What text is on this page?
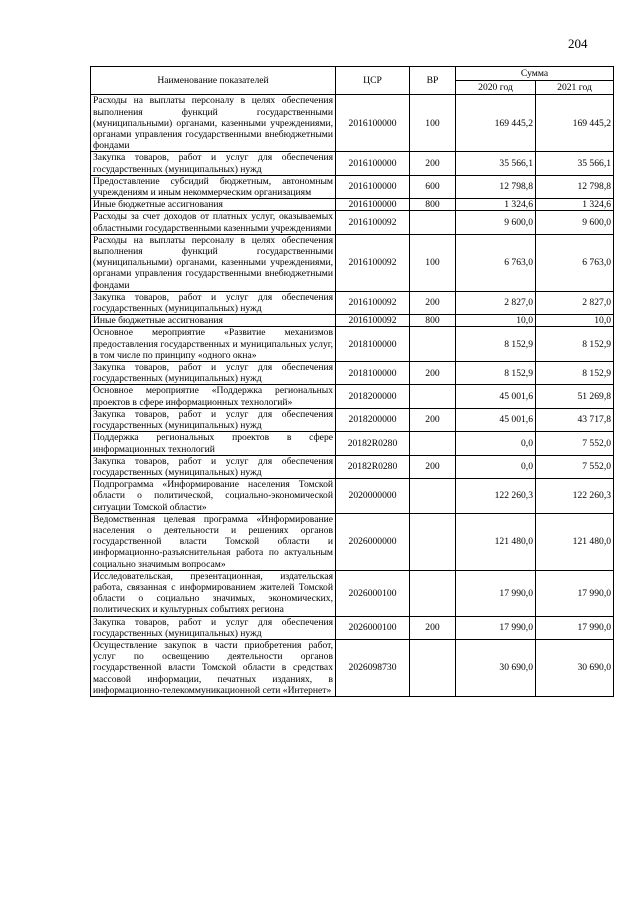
204
Наименование показателей	ЦСР	ВР	Сумма	
			2020 год	2021 год
Расходы на выплаты персоналу в целях обеспечения выполнения функций государственными (муниципальными) органами, казенными учреждениями, органами управления государственными внебюджетными фондами	2016100000	100	169 445,2	169 445,2
Закупка товаров, работ и услуг для обеспечения государственных (муниципальных) нужд	2016100000	200	35 566,1	35 566,1
Предоставление субсидий бюджетным, автономным учреждениям и иным некоммерческим организациям	2016100000	600	12 798,8	12 798,8
Иные бюджетные ассигнования	2016100000	800	1 324,6	1 324,6
Расходы за счет доходов от платных услуг, оказываемых областными государственными казенными учреждениями	2016100092		9 600,0	9 600,0
Расходы на выплаты персоналу в целях обеспечения выполнения функций государственными (муниципальными) органами, казенными учреждениями, органами управления государственными внебюджетными фондами	2016100092	100	6 763,0	6 763,0
Закупка товаров, работ и услуг для обеспечения государственных (муниципальных) нужд	2016100092	200	2 827,0	2 827,0
Иные бюджетные ассигнования	2016100092	800	10,0	10,0
Основное мероприятие «Развитие механизмов предоставления государственных и муниципальных услуг, в том числе по принципу «одного окна»	2018100000		8 152,9	8 152,9
Закупка товаров, работ и услуг для обеспечения государственных (муниципальных) нужд	2018100000	200	8 152,9	8 152,9
Основное мероприятие «Поддержка региональных проектов в сфере информационных технологий»	2018200000		45 001,6	51 269,8
Закупка товаров, работ и услуг для обеспечения государственных (муниципальных) нужд	2018200000	200	45 001,6	43 717,8
Поддержка региональных проектов в сфере информационных технологий	20182R0280		0,0	7 552,0
Закупка товаров, работ и услуг для обеспечения государственных (муниципальных) нужд	20182R0280	200	0,0	7 552,0
Подпрограмма «Информирование населения Томской области о политической, социально-экономической ситуации Томской области»	2020000000		122 260,3	122 260,3
Ведомственная целевая программа «Информирование населения о деятельности и решениях органов государственной власти Томской области и информационно-разъяснительная работа по актуальным социально значимым вопросам»	2026000000		121 480,0	121 480,0
Исследовательская, презентационная, издательская работа, связанная с информированием жителей Томской области о социально значимых, экономических, политических и культурных событиях региона	2026000100		17 990,0	17 990,0
Закупка товаров, работ и услуг для обеспечения государственных (муниципальных) нужд	2026000100	200	17 990,0	17 990,0
Осуществление закупок в части приобретения работ, услуг по освещению деятельности органов государственной власти Томской области в средствах массовой информации, печатных изданиях, в информационно-телекоммуникационной сети «Интернет»	2026098730		30 690,0	30 690,0
